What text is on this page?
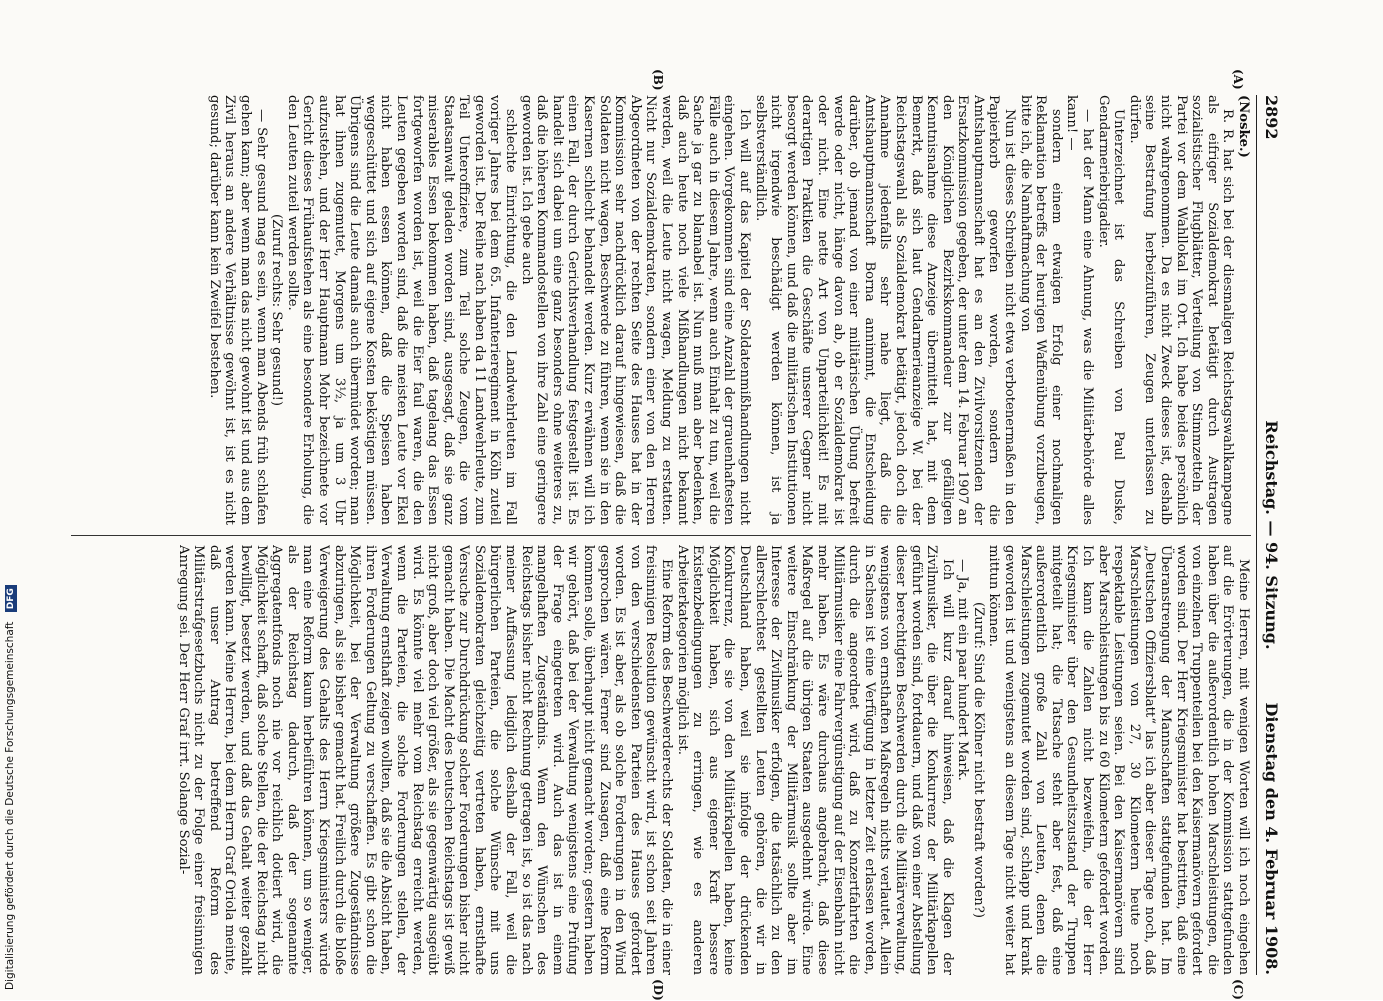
2892
Reichstag. — 94. Sitzung.
Dienstag den 4. Februar 1908.
(A)
(B)
(C)
(D)

(Noske.)

R. R. hat sich bei der diesmaligen Reichstagswahlkampagne als eifriger Sozialdemokrat betätigt durch Austragen sozialistischer Flugblätter, Verteilung von Stimmzetteln der Partei vor dem Wahllokal im Ort. Ich habe beides persönlich nicht wahrgenommen. Da es nicht Zweck dieses ist, deshalb seine Bestrafung herbeizuführen, Zeugen unterlassen zu dürfen.

Unterzeichnet ist das Schreiben von Paul Duske, Gendarmeriebrigadier.

— hat der Mann eine Ahnung, was die Militärbehörde alles kann! —

sondern einem etwaigen Erfolg einer nochmaligen Reklamation betreffs der heurigen Waffenübung vorzubeugen, bitte ich, die Namhaftmachung von

Nun ist dieses Schreiben nicht etwa verbotenermaßen in den Papierkorb geworfen worden, sondern die Amtshauptmannschaft hat es an den Zivilvorsitzenden der Ersatzkommission gegeben, der unter dem 14. Februar 1907 an den Königlichen Bezirkskommandeur zur gefälligen Kenntnisnahme diese Anzeige übermittelt hat, mit dem Bemerkt, daß sich laut Gendarmerieanzeige W. bei der Reichstagswahl als Sozialdemokrat betätigt, jedoch doch die Annahme jedenfalls sehr nahe liegt, daß die Amtshauptmannschaft Borna annimmt, die Entscheidung darüber, ob jemand von einer militärischen Übung befreit werde oder nicht, hänge davon ab, ob er Sozialdemokrat ist oder nicht. Eine nette Art von Unparteilichkeit! Es mit derartigen Praktiken die Geschäfte unserer Gegner nicht besorgt werden können, und daß die militärischen Institutionen nicht irgendwie beschädigt werden können, ist ja selbstverständlich.

Ich will auf das Kapitel der Soldatenmißhandlungen nicht eingehen. Vorgekommen sind eine Anzahl der grauenhaftesten Fälle auch in diesem Jahre, wenn auch Einhalt zu tun, weil die Sache ja gar zu blamabel ist. Nun muß man aber bedenken, daß auch heute noch viele Mißhandlungen nicht bekannt werden, weil die Leute nicht wagen, Meldung zu erstatten. Nicht nur Sozialdemokraten, sondern einer von den Herren Abgeordneten von der rechten Seite des Hauses hat in der Kommission sehr nachdrücklich darauf hingewiesen, daß die Soldaten nicht wagen, Beschwerde zu führen, wenn sie in den Kasernen schlecht behandelt werden. Kurz erwähnen will ich einen Fall, der durch Gerichtsverhandlung festgestellt ist. Es handelt sich dabei um eine ganz besonders ohne weiteres zu, daß die höheren Kommandostellen von ihre Zahl eine geringere geworden ist. Ich gebe auch

schlechte Einrichtung, die den Landwehrleuten im Fall voriger Jahres bei dem 65. Infanterieregiment in Köln zuteil geworden ist. Der Reihe nach haben da 11 Landwehrleute, zum Teil Unteroffiziere, zum Teil solche Zeugen, die vom Staatsanwalt geladen worden sind, ausgesagt, daß sie ganz miserables Essen bekommen haben, daß tagelang das Essen fortgeworfen worden ist, weil die Eier faul waren, die den Leuten gegeben worden sind, daß die meisten Leute vor Ekel nicht haben essen können, daß die Speisen haben weggeschüttet und sich auf eigene Kosten beköstigen müssen. Übrigens sind die Leute damals auch übermüdet worden; man hat ihnen zugemutet, Morgens um 3½, ja um 3 Uhr aufzustehen, und der Herr Hauptmann Mohr bezeichnete vor Gericht dieses Frühaufstehen als eine besondere Erholung, die den Leuten zuteil werden sollte.

(Zuruf rechts: Sehr gesund!)

— Sehr gesund mag es sein, wenn man Abends früh schlafen gehen kann; aber wenn man das nicht gewohnt ist und aus dem Zivil heraus an andere Verhältnisse gewöhnt ist, ist es nicht gesund; darüber kann kein Zweifel bestehen.

Meine Herren, mit wenigen Worten will ich noch eingehen auf die Erörterungen, die in der Kommission stattgefunden haben über die außerordentlich hohen Marschleistungen, die von einzelnen Truppenteilen bei den Kaisermanövern gefordert worden sind. Der Herr Kriegsminister hat bestritten, daß eine Überanstrengung der Mannschaften stattgefunden hat. Im „Deutschen Offiziersblatt“ las ich aber dieser Tage noch, daß Marschleistungen von 27, 30 Kilometern heute noch respektable Leistungen seien. Bei den Kaisermanövern sind aber Marschleistungen bis zu 60 Kilometern gefordert worden. Ich kann die Zahlen nicht bezweifeln, die der Herr Kriegsminister über den Gesundheitszustand der Truppen mitgeteilt hat; die Tatsache steht aber fest, daß eine außerordentlich große Zahl von Leuten, denen die Marschleistungen zugemutet worden sind, schlapp und krank geworden ist und wenigstens an diesem Tage nicht weiter hat mittun können.

(Zuruf: Sind die Kölner nicht bestraft worden?)

— Ja, mit ein paar hundert Mark.

Ich will kurz darauf hinweisen, daß die Klagen der Zivilmusiker, die über die Konkurrenz der Militärkapellen geführt worden sind, fortdauern, und daß von einer Abstellung dieser berechtigten Beschwerden durch die Militärverwaltung, wenigstens von ernsthaften Maßregeln nichts verlautet. Allein in Sachsen ist eine Verfügung in letzter Zeit erlassen worden, durch die angeordnet wird, daß zu Konzertfahrten die Militärmusiker eine Fahrvergünstigung auf der Eisenbahn nicht mehr haben. Es wäre durchaus angebracht, daß diese Maßregel auf die übrigen Staaten ausgedehnt würde. Eine weitere Einschränkung der Militärmusik sollte aber im Interesse der Zivilmusiker erfolgen, die tatsächlich zu den allerschlechtest gestellten Leuten gehören, die wir in Deutschland haben, weil sie infolge der drückenden Konkurrenz, die sie von den Militärkapellen haben, keine Möglichkeit haben, sich aus eigener Kraft bessere Existenzbedingungen zu erringen, wie es anderen Arbeiterkategorien möglich ist.

Eine Reform des Beschwerderechts der Soldaten, die in einer freisinnigen Resolution gewünscht wird, ist schon seit Jahren von den verschiedensten Parteien des Hauses gefordert worden. Es ist aber, als ob solche Forderungen in den Wind gesprochen wären. Ferner sind Zusagen, daß eine Reform kommen solle, überhaupt nicht gemacht worden; gestern haben wir gehört, daß bei der Verwaltung wenigstens eine Prüfung der Frage eingetreten wird. Auch das ist in einem mangelhaften Zugeständnis. Wenn den Wünschen des Reichstags bisher nicht Rechnung getragen ist, so ist das nach meiner Auffassung lediglich deshalb der Fall, weil die bürgerlichen Parteien, die solche Wünsche mit uns Sozialdemokraten gleichzeitig vertreten haben, ernsthafte Versuche zur Durchdrückung solcher Forderungen bisher nicht gemacht haben. Die Macht des Deutschen Reichstags ist gewiß nicht groß, aber doch viel größer, als sie gegenwärtig ausgeübt wird. Es könnte viel mehr vom Reichstag erreicht werden, wenn die Parteien, die solche Forderungen stellen, der Verwaltung ernsthaft zeigen wollten, daß sie die Absicht haben, ihren Forderungen Geltung zu verschaffen. Es gibt schon die Möglichkeit, bei der Verwaltung größere Zugeständnisse abzuringen, als sie bisher gemacht hat. Freilich durch die bloße Verweigerung des Gehalts des Herrn Kriegsministers würde man eine Reform kaum herbeiführen können, um so weniger, als der Reichstag dadurch, daß der sogenannte Aggregatentfonds noch nie vor reichlich dotiert wird, die Möglichkeit schafft, daß solche Stellen, die der Reichstag nicht bewilligt, besetzt werden, und daß das Gehalt weiter gezahlt werden kann. Meine Herren, bei dem Herrn Graf Oriola meinte, daß unser Antrag betreffend Reform des Militärstrafgesetzbuchs nicht zu der Folge einer freisinnigen Anregung sei. Der Herr Graf irrt. Solange Sozial-

Digitalisierung gefördert durch die Deutsche Forschungsgemeinschaft DFG
